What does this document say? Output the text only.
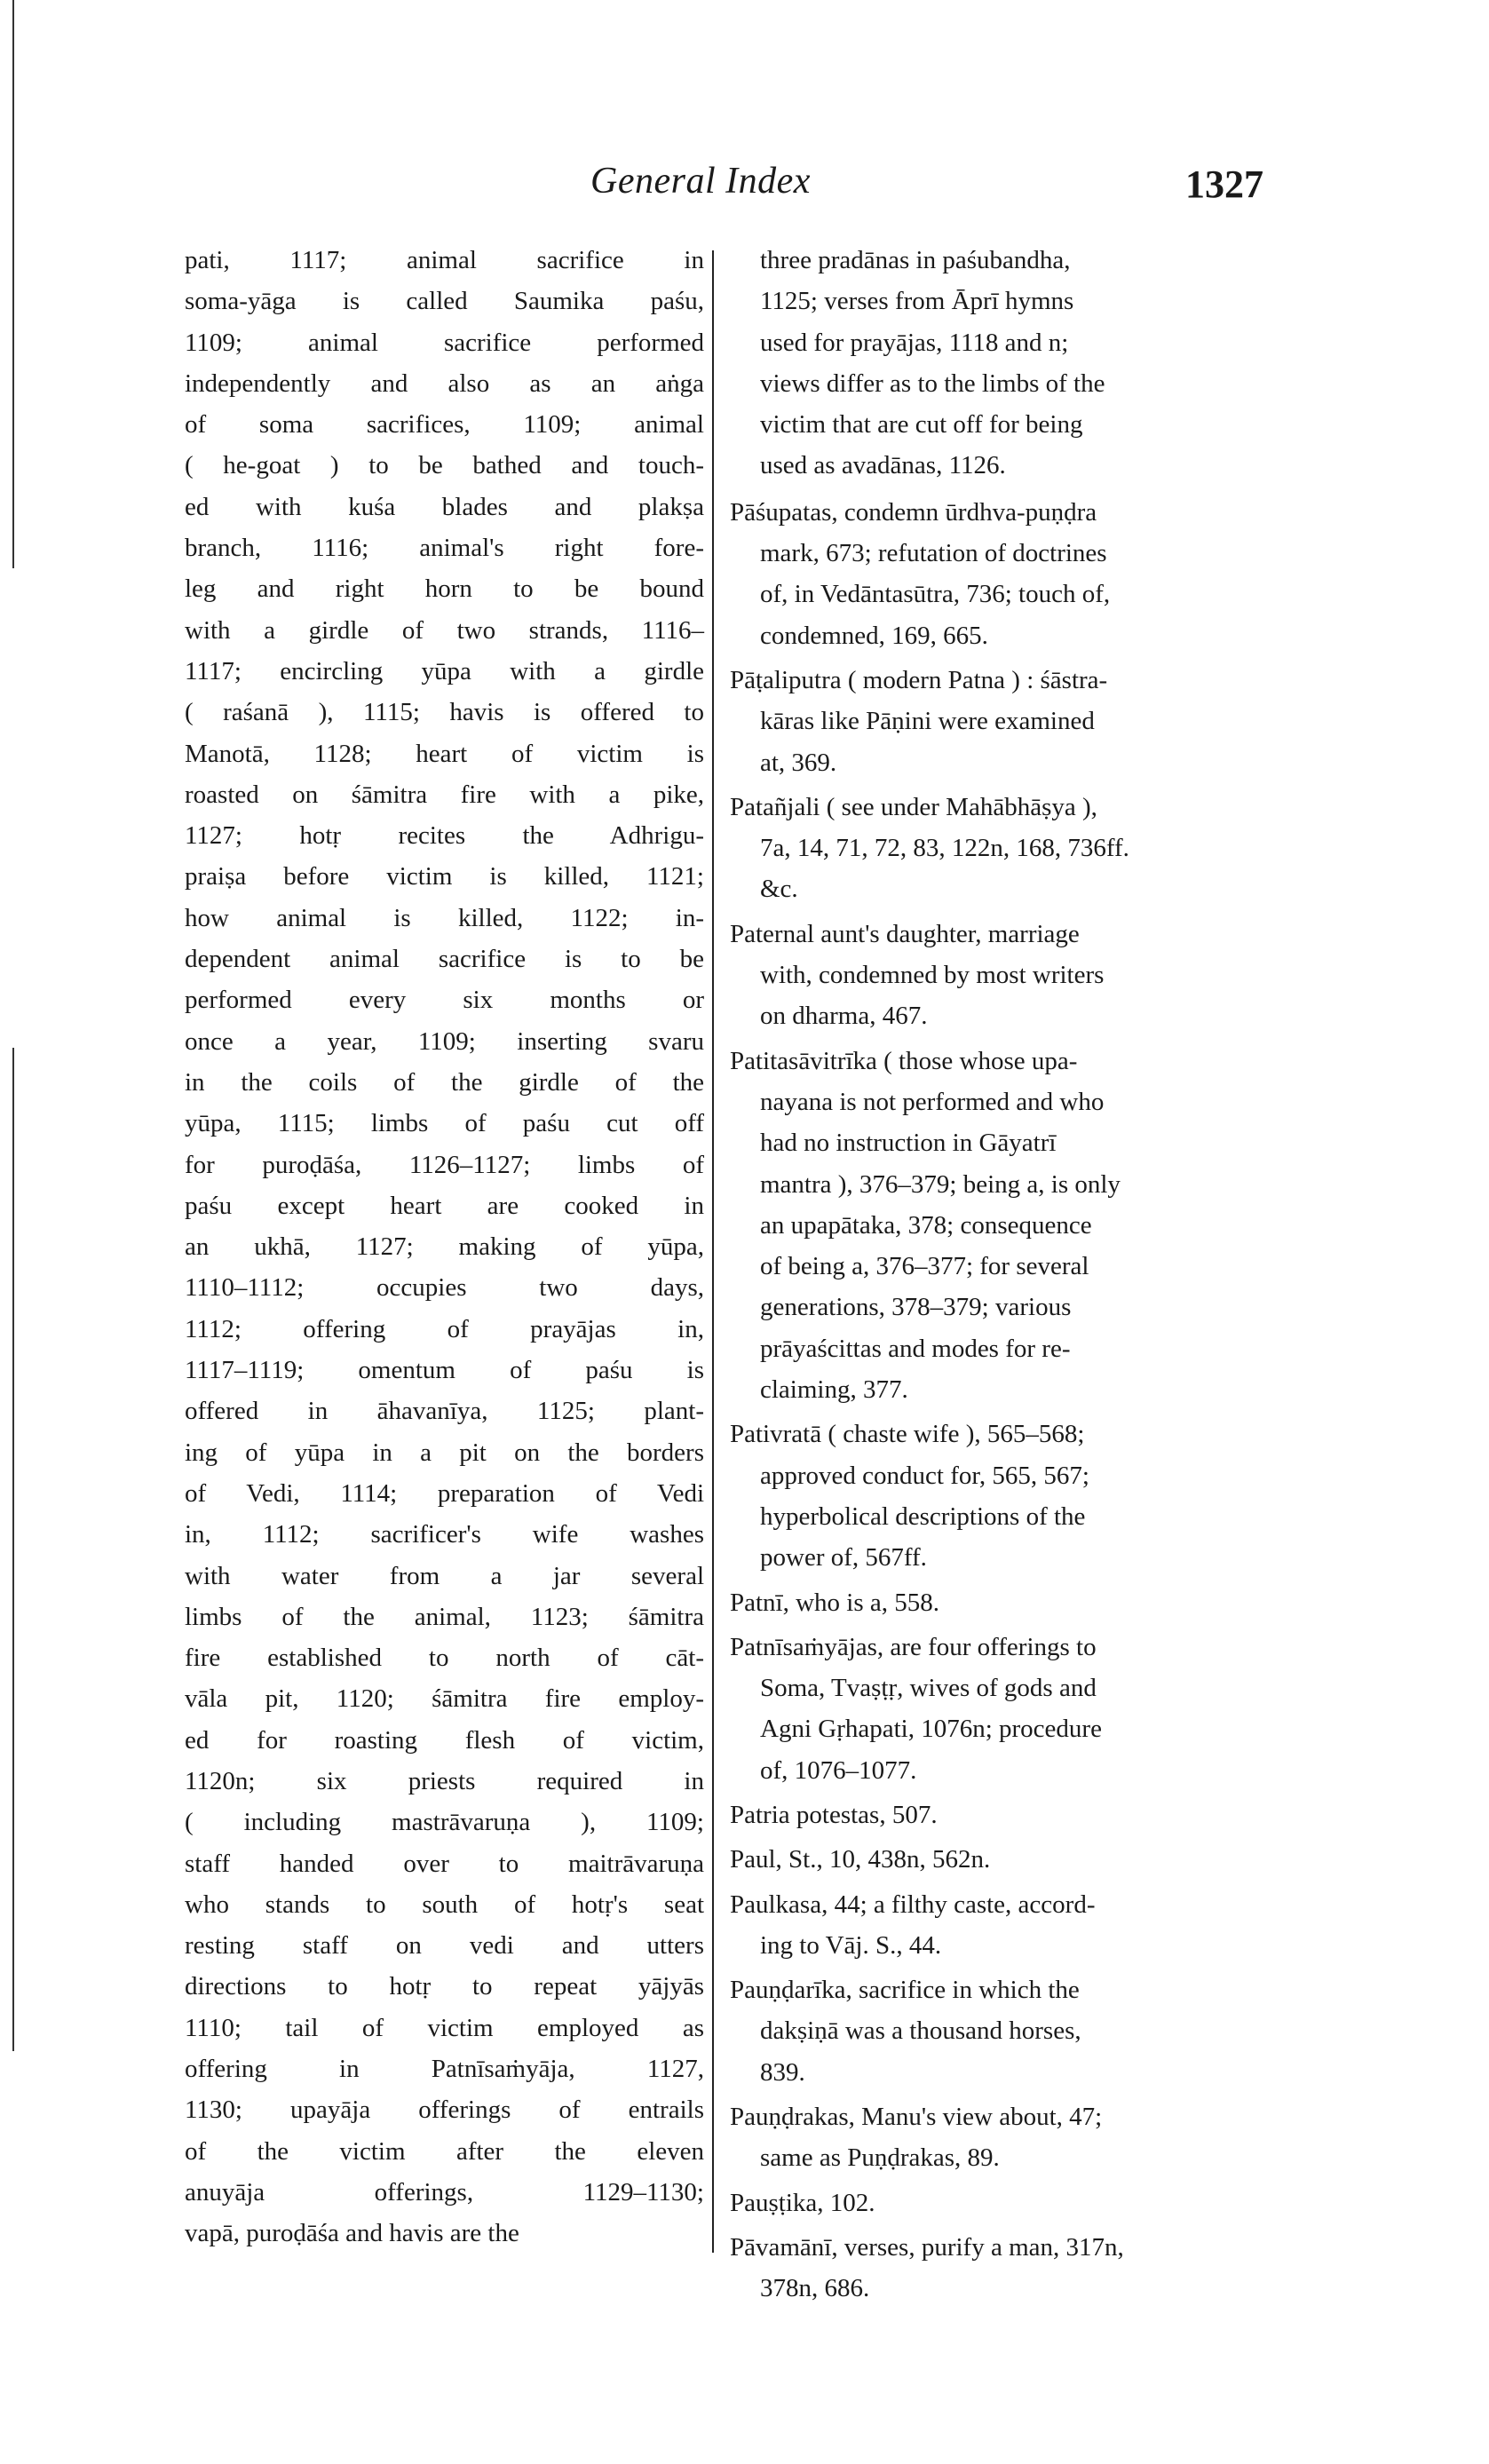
General Index	1327
pati, 1117; animal sacrifice in
soma-yāga is called Saumika paśu,
1109; animal sacrifice performed
independently and also as an aṅga
of soma sacrifices, 1109; animal
( he-goat ) to be bathed and touch-
ed with kuśa blades and plakṣa
branch, 1116; animal's right fore-
leg and right horn to be bound
with a girdle of two strands, 1116–
1117; encircling yūpa with a girdle
( raśanā ), 1115; havis is offered to
Manotā, 1128; heart of victim is
roasted on śāmitra fire with a pike,
1127; hotṛ recites the Adhrigu-
praiṣa before victim is killed, 1121;
how animal is killed, 1122; in-
dependent animal sacrifice is to be
performed every six months or
once a year, 1109; inserting svaru
in the coils of the girdle of the
yūpa, 1115; limbs of paśu cut off
for puroḍāśa, 1126–1127; limbs of
paśu except heart are cooked in
an ukhā, 1127; making of yūpa,
1110–1112; occupies two days,
1112; offering of prayājas in,
1117–1119; omentum of paśu is
offered in āhavanīya, 1125; plant-
ing of yūpa in a pit on the borders
of Vedi, 1114; preparation of Vedi
in, 1112; sacrificer's wife washes
with water from a jar several
limbs of the animal, 1123; śāmitra
fire established to north of cāt-
vāla pit, 1120; śāmitra fire employ-
ed for roasting flesh of victim,
1120n; six priests required in
( including mastrāvaruṇa ), 1109;
staff handed over to maitrāvaruṇa
who stands to south of hotṛ's seat
resting staff on vedi and utters
directions to hotṛ to repeat yājyās
1110; tail of victim employed as
offering in Patnīsaṁyāja, 1127,
1130; upayāja offerings of entrails
of the victim after the eleven
anuyāja offerings, 1129–1130;
vapā, puroḍāśa and havis are the
three pradānas in paśubandha,
1125; verses from Āprī hymns
used for prayājas, 1118 and n;
views differ as to the limbs of the
victim that are cut off for being
used as avadānas, 1126.
Pāśupatas, condemn ūrdhva-puṇḍra
mark, 673; refutation of doctrines
of, in Vedāntasūtra, 736; touch of,
condemned, 169, 665.
Pāṭaliputra ( modern Patna ) : śāstra-
kāras like Pāṇini were examined
at, 369.
Patañjali ( see under Mahābhāṣya ),
7a, 14, 71, 72, 83, 122n, 168, 736ff.
&c.
Paternal aunt's daughter, marriage
with, condemned by most writers
on dharma, 467.
Patitasāvitrīka ( those whose upa-
nayana is not performed and who
had no instruction in Gāyatrī
mantra ), 376–379; being a, is only
an upapātaka, 378; consequence
of being a, 376–377; for several
generations, 378–379; various
prāyaścittas and modes for re-
claiming, 377.
Pativratā ( chaste wife ), 565–568;
approved conduct for, 565, 567;
hyperbolical descriptions of the
power of, 567ff.
Patnī, who is a, 558.
Patnīsaṁyājas, are four offerings to
Soma, Tvaṣṭṛ, wives of gods and
Agni Gṛhapati, 1076n; procedure
of, 1076–1077.
Patria potestas, 507.
Paul, St., 10, 438n, 562n.
Paulkasa, 44; a filthy caste, accord-
ing to Vāj. S., 44.
Pauṇḍarīka, sacrifice in which the
dakṣiṇā was a thousand horses,
839.
Pauṇḍrakas, Manu's view about, 47;
same as Puṇḍrakas, 89.
Pauṣṭika, 102.
Pāvamānī, verses, purify a man, 317n,
378n, 686.
